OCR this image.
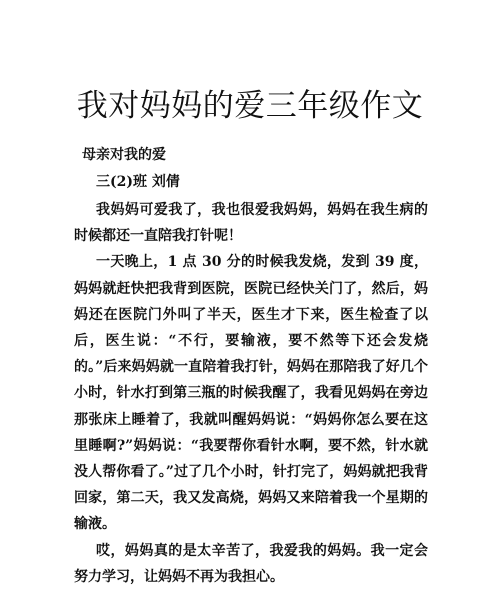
我对妈妈的爱三年级作文
母亲对我的爱
三(2)班 刘倩

我妈妈可爱我了，我也很爱我妈妈，妈妈在我生病的时候都还一直陪我打针呢！

一天晚上，1 点 30 分的时候我发烧，发到 39 度，妈妈就赶快把我背到医院，医院已经快关门了，然后，妈妈还在医院门外叫了半天，医生才下来，医生检查了以后，医生说：“不行，要输液，要不然等下还会发烧的。”后来妈妈就一直陪着我打针，妈妈在那陪我了好几个小时，针水打到第三瓶的时候我醒了，我看见妈妈在旁边那张床上睡着了，我就叫醒妈妈说：“妈妈你怎么要在这里睡啊?”妈妈说：“我要帮你看针水啊，要不然，针水就没人帮你看了。”过了几个小时，针打完了，妈妈就把我背回家，第二天，我又发高烧，妈妈又来陪着我一个星期的输液。

哎，妈妈真的是太辛苦了，我爱我的妈妈。我一定会努力学习，让妈妈不再为我担心。
